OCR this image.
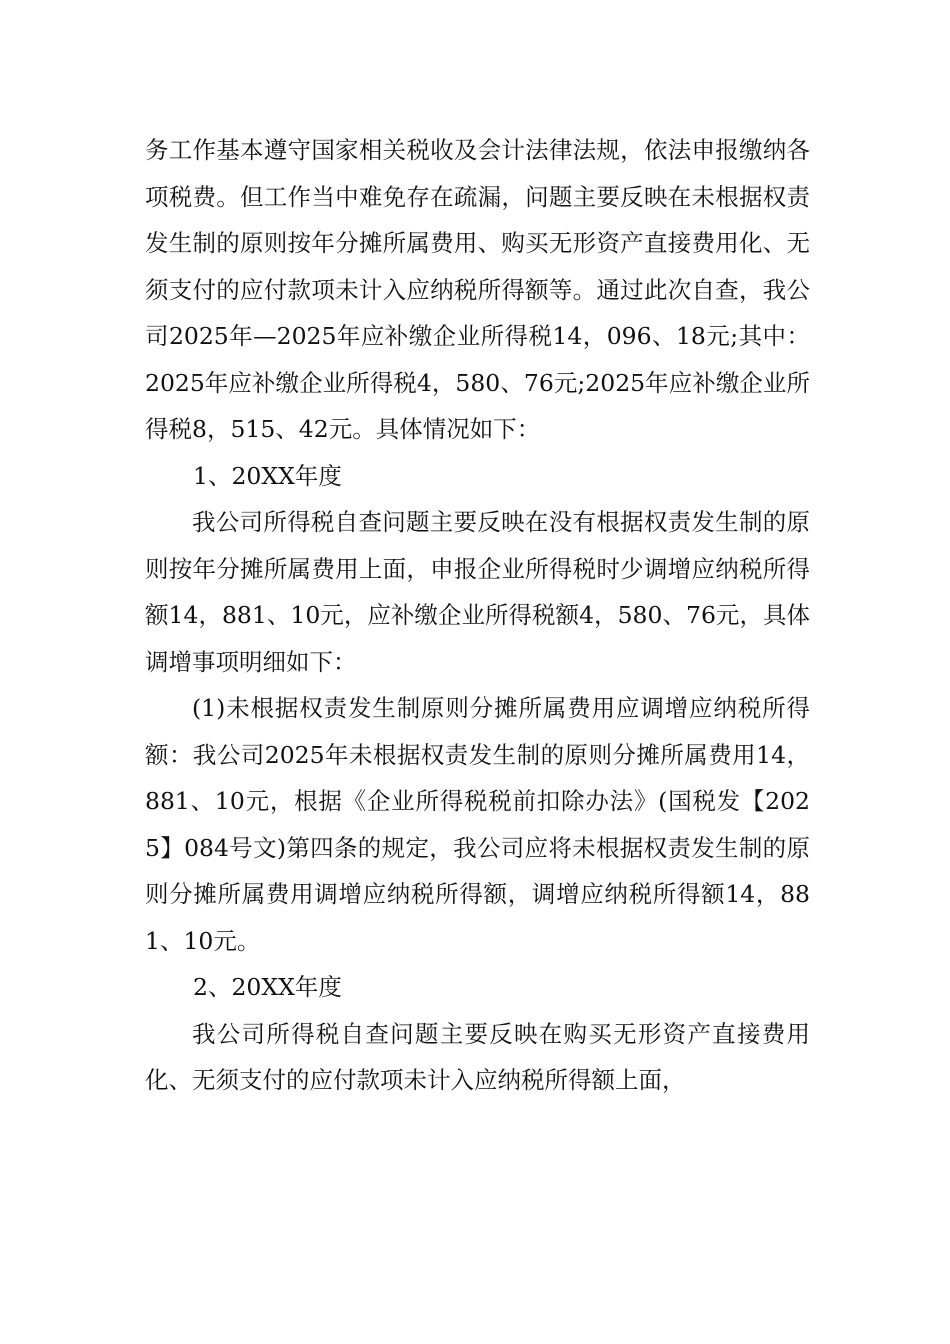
务工作基本遵守国家相关税收及会计法律法规，依法申报缴纳各项税费。但工作当中难免存在疏漏，问题主要反映在未根据权责发生制的原则按年分摊所属费用、购买无形资产直接费用化、无须支付的应付款项未计入应纳税所得额等。通过此次自查，我公司2025年—2025年应补缴企业所得税14，096、18元;其中：2025年应补缴企业所得税4，580、76元;2025年应补缴企业所得税8，515、42元。具体情况如下：

1、20XX年度

我公司所得税自查问题主要反映在没有根据权责发生制的原则按年分摊所属费用上面，申报企业所得税时少调增应纳税所得额14，881、10元，应补缴企业所得税额4，580、76元，具体调增事项明细如下：

(1)未根据权责发生制原则分摊所属费用应调增应纳税所得额：我公司2025年未根据权责发生制的原则分摊所属费用14，881、10元，根据《企业所得税税前扣除办法》(国税发【2025】084号文)第四条的规定，我公司应将未根据权责发生制的原则分摊所属费用调增应纳税所得额，调增应纳税所得额14，881、10元。

2、20XX年度

我公司所得税自查问题主要反映在购买无形资产直接费用化、无须支付的应付款项未计入应纳税所得额上面，
